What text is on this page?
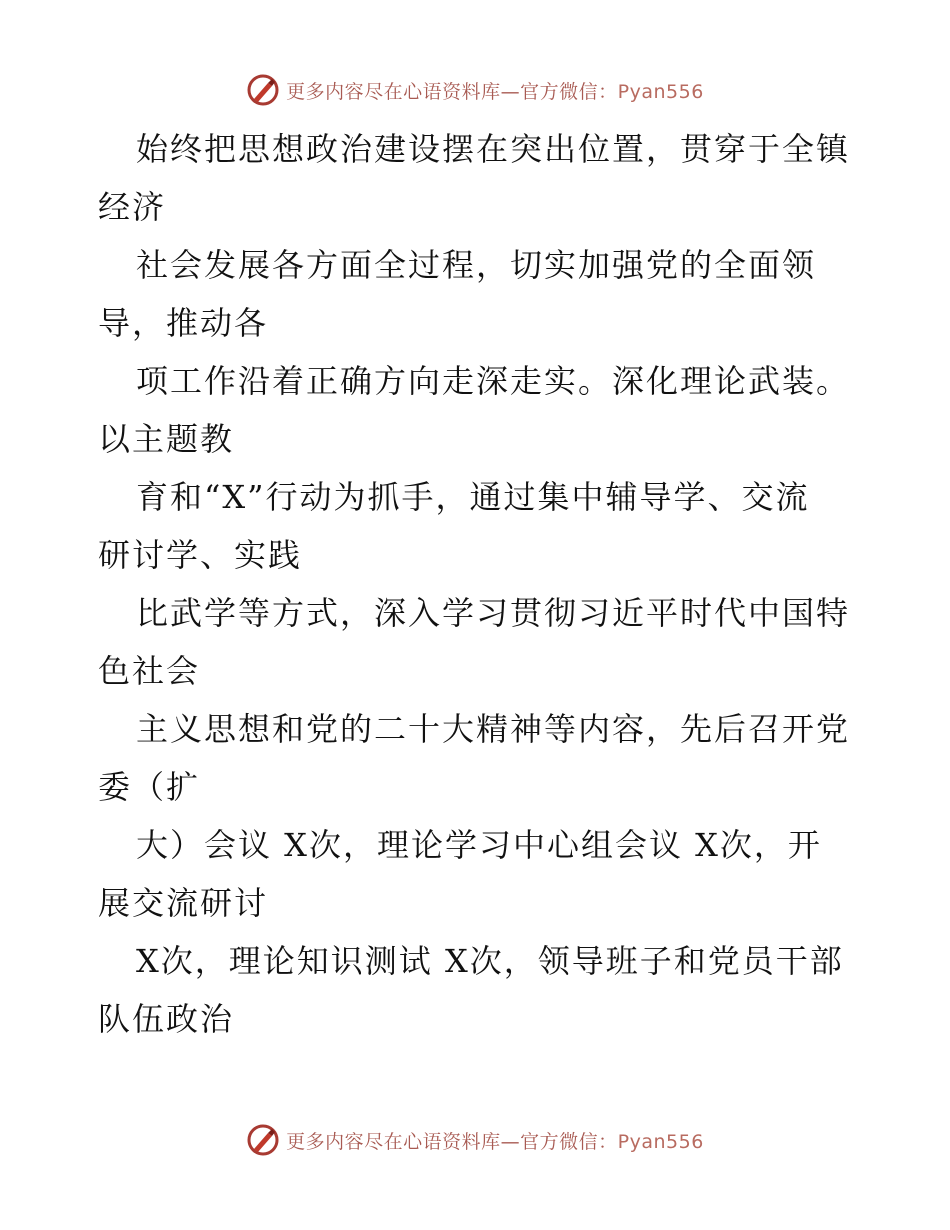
更多内容尽在心语资料库—官方微信：Pyan556
始终把思想政治建设摆在突出位置，贯穿于全镇
经济
社会发展各方面全过程，切实加强党的全面领
导，推动各
项工作沿着正确方向走深走实。深化理论武装。
以主题教
育和“X”行动为抓手，通过集中辅导学、交流
研讨学、实践
比武学等方式，深入学习贯彻习近平时代中国特
色社会
主义思想和党的二十大精神等内容，先后召开党
委（扩
大）会议 X次，理论学习中心组会议 X次，开
展交流研讨
X次，理论知识测试 X次，领导班子和党员干部
队伍政治
更多内容尽在心语资料库—官方微信：Pyan556
